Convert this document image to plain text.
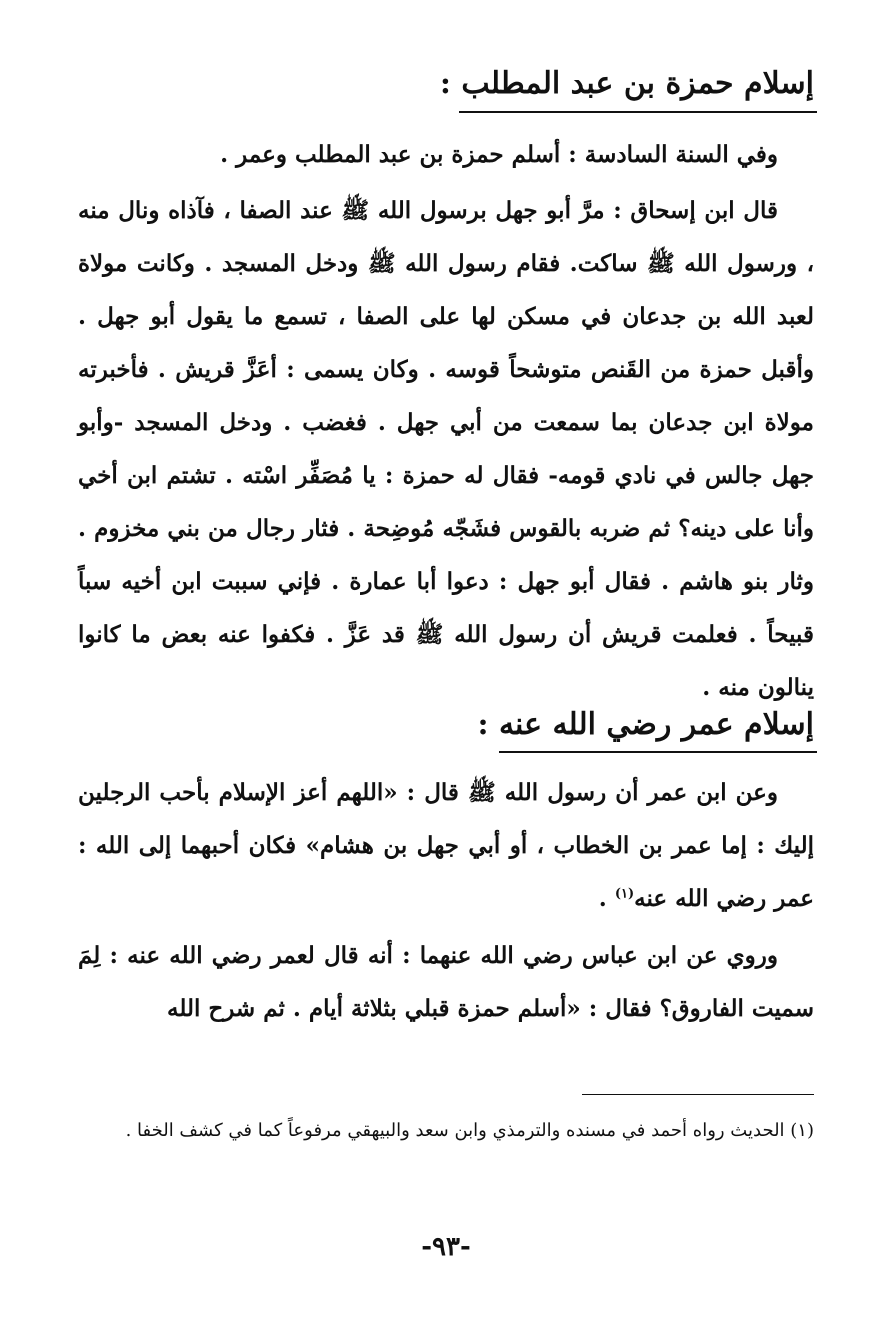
إسلام حمزة بن عبد المطلب :

وفي السنة السادسة : أسلم حمزة بن عبد المطلب وعمر .

قال ابن إسحاق : مرَّ أبو جهل برسول الله ﷺ عند الصفا ، فآذاه ونال منه ، ورسول الله ﷺ ساكت. فقام رسول الله ﷺ ودخل المسجد . وكانت مولاة لعبد الله بن جدعان في مسكن لها على الصفا ، تسمع ما يقول أبو جهل . وأقبل حمزة من القَنص متوشحاً قوسه . وكان يسمى : أعَزَّ قريش . فأخبرته مولاة ابن جدعان بما سمعت من أبي جهل . فغضب . ودخل المسجد -وأبو جهل جالس في نادي قومه- فقال له حمزة : يا مُصَفِّر اسْته . تشتم ابن أخي وأنا على دينه؟ ثم ضربه بالقوس فشَجّه مُوضِحة . فثار رجال من بني مخزوم . وثار بنو هاشم . فقال أبو جهل : دعوا أبا عمارة . فإني سببت ابن أخيه سباً قبيحاً . فعلمت قريش أن رسول الله ﷺ قد عَزَّ . فكفوا عنه بعض ما كانوا ينالون منه .

إسلام عمر رضي الله عنه :

وعن ابن عمر أن رسول الله ﷺ قال : «اللهم أعز الإسلام بأحب الرجلين إليك : إما عمر بن الخطاب ، أو أبي جهل بن هشام» فكان أحبهما إلى الله : عمر رضي الله عنه$^{(١)}$ .

وروي عن ابن عباس رضي الله عنهما : أنه قال لعمر رضي الله عنه : لِمَ سميت الفاروق؟ فقال : «أسلم حمزة قبلي بثلاثة أيام . ثم شرح الله

(١) الحديث رواه أحمد في مسنده والترمذي وابن سعد والبيهقي مرفوعاً كما في كشف الخفا .

-٩٣-
